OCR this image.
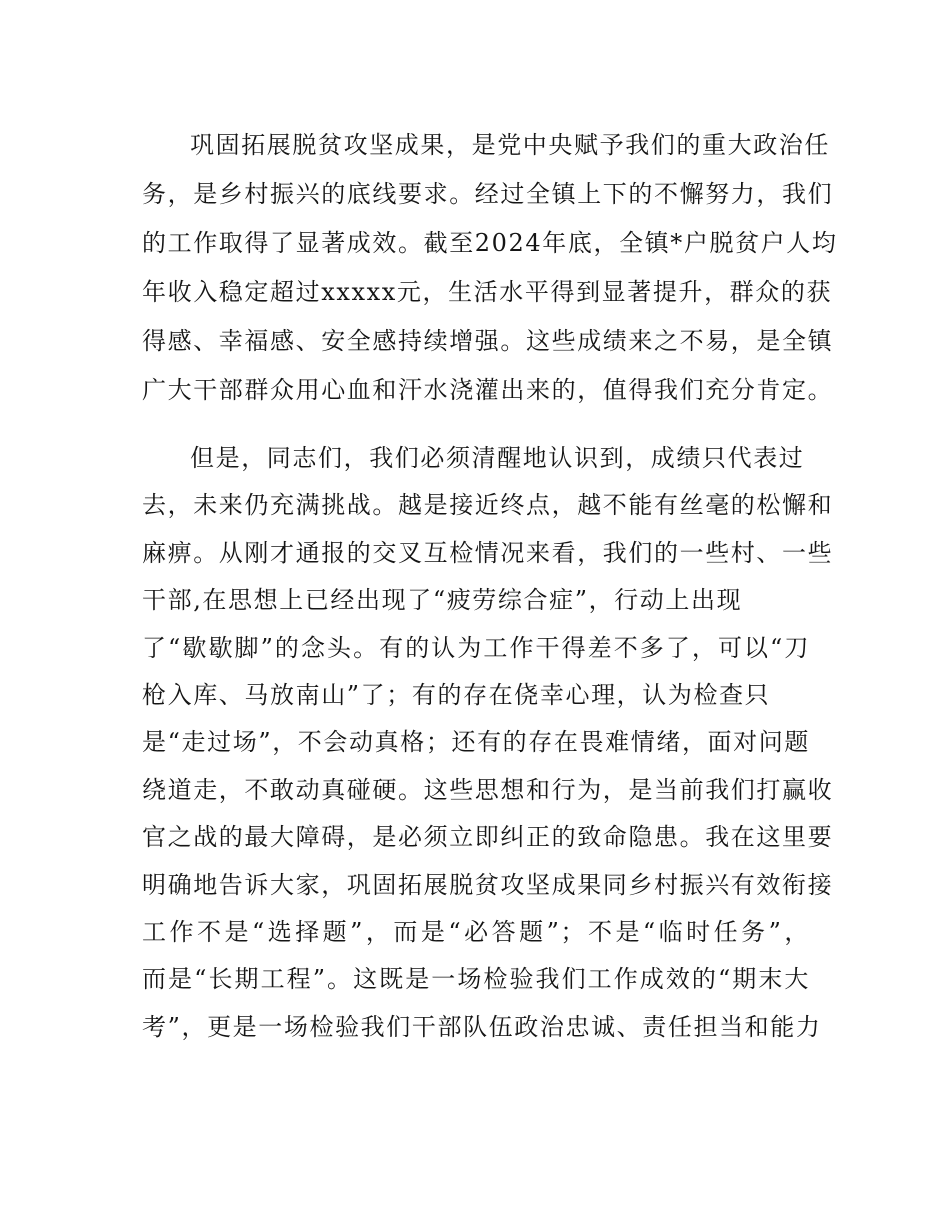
巩固拓展脱贫攻坚成果，是党中央赋予我们的重大政治任
务，是乡村振兴的底线要求。经过全镇上下的不懈努力，我们
的工作取得了显著成效。截至2024年底，全镇*户脱贫户人均
年收入稳定超过xxxxx元，生活水平得到显著提升，群众的获
得感、幸福感、安全感持续增强。这些成绩来之不易，是全镇
广大干部群众用心血和汗水浇灌出来的，值得我们充分肯定。
但是，同志们，我们必须清醒地认识到，成绩只代表过
去，未来仍充满挑战。越是接近终点，越不能有丝毫的松懈和
麻痹。从刚才通报的交叉互检情况来看，我们的一些村、一些
干部,在思想上已经出现了“疲劳综合症”，行动上出现
了“歇歇脚”的念头。有的认为工作干得差不多了，可以“刀
枪入库、马放南山”了；有的存在侥幸心理，认为检查只
是“走过场”，不会动真格；还有的存在畏难情绪，面对问题
绕道走，不敢动真碰硬。这些思想和行为，是当前我们打赢收
官之战的最大障碍，是必须立即纠正的致命隐患。我在这里要
明确地告诉大家，巩固拓展脱贫攻坚成果同乡村振兴有效衔接
工作不是“选择题”，而是“必答题”；不是“临时任务”，
而是“长期工程”。这既是一场检验我们工作成效的“期末大
考”，更是一场检验我们干部队伍政治忠诚、责任担当和能力
